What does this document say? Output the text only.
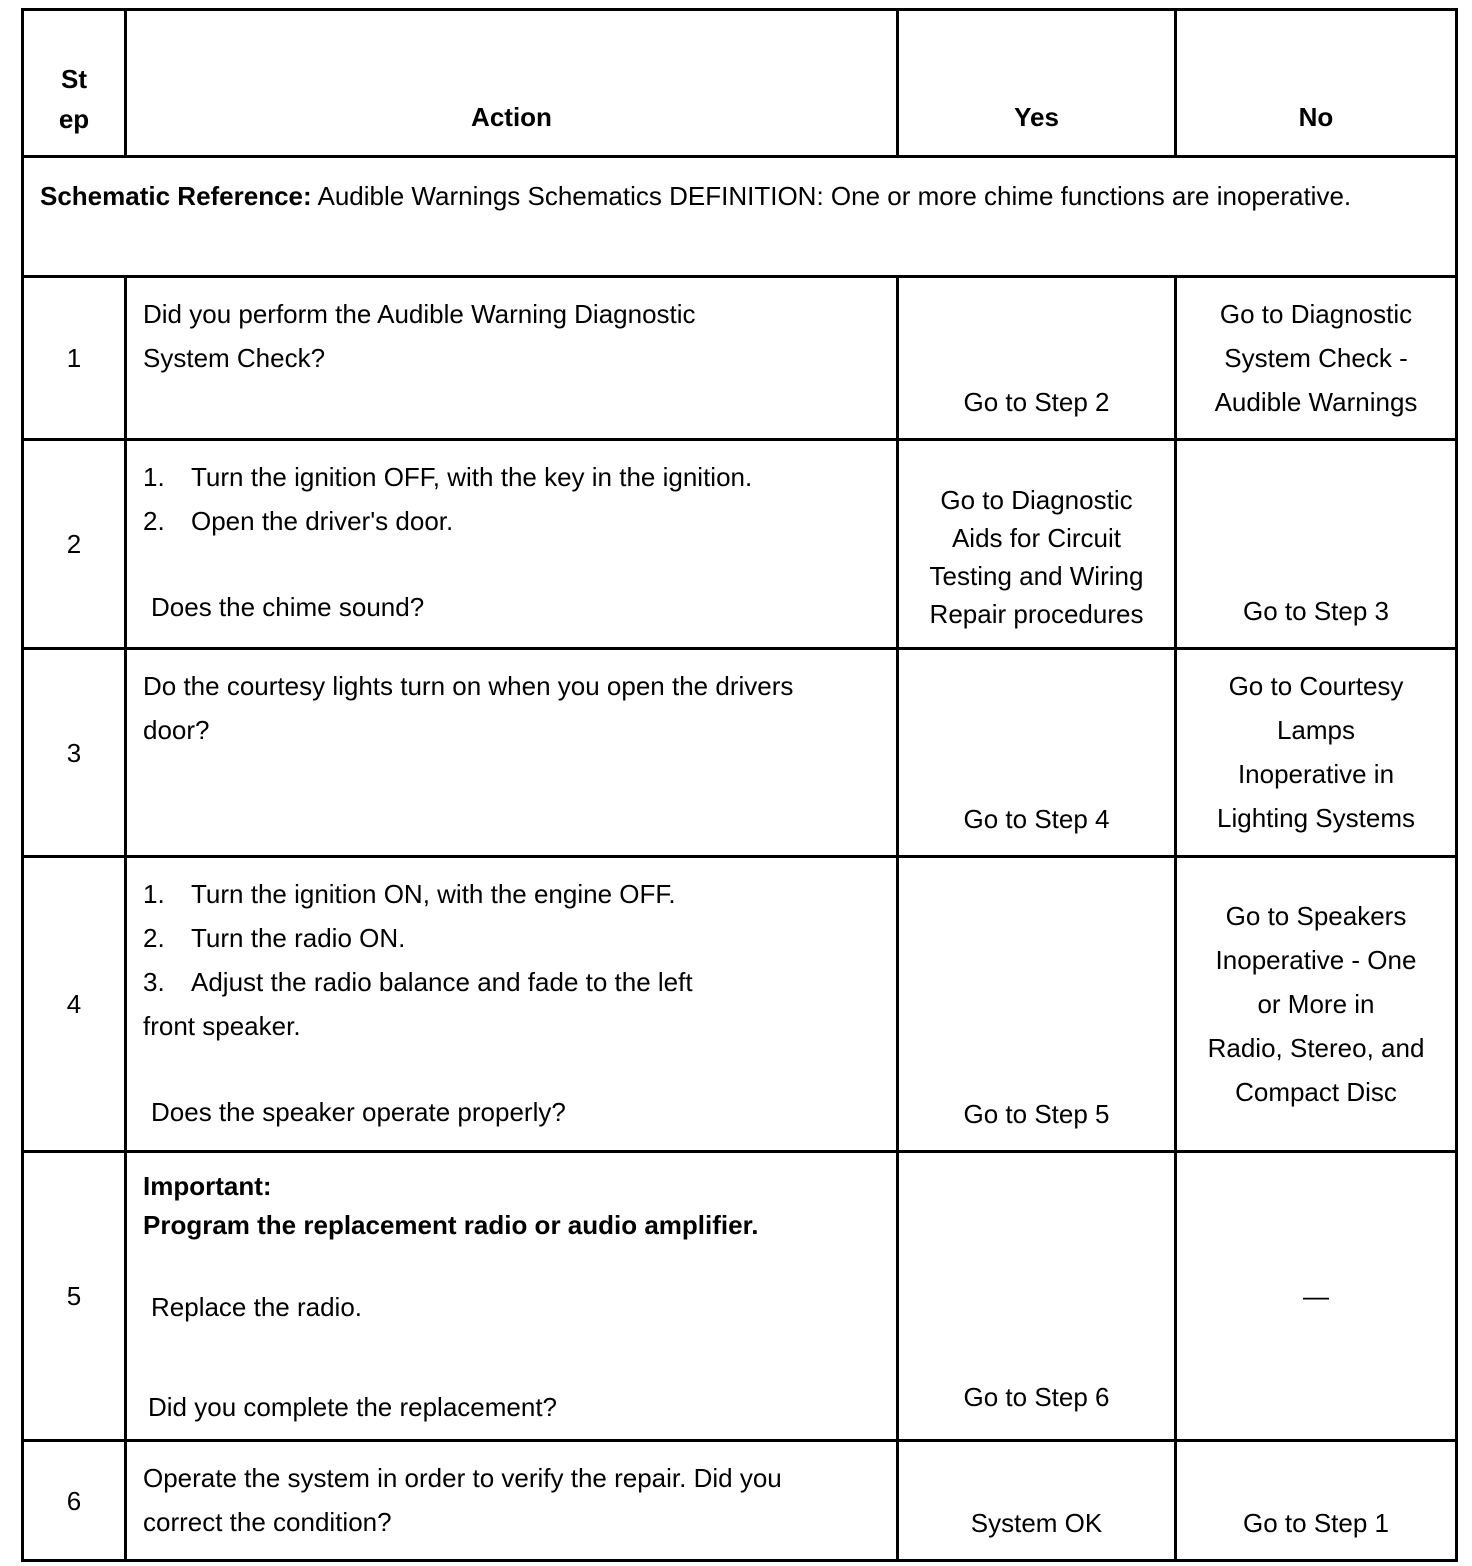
St
ep	Action	Yes	No
Schematic Reference: Audible Warnings Schematics DEFINITION: One or more chime functions are inoperative.			
1	Did you perform the Audible Warning Diagnostic
System Check?	Go to Step 2	Go to Diagnostic
System Check -
Audible Warnings

2	1. Turn the ignition OFF, with the key in the ignition.
2. Open the driver's door.
Does the chime sound?	Go to Diagnostic
Aids for Circuit
Testing and Wiring
Repair procedures	Go to Step 3
3	Do the courtesy lights turn on when you open the drivers
door?	Go to Step 4	Go to Courtesy
Lamps
Inoperative in
Lighting Systems

4	1. Turn the ignition ON, with the engine OFF.
2. Turn the radio ON.
3. Adjust the radio balance and fade to the left
front speaker.
Does the speaker operate properly?	Go to Step 5	Go to Speakers
Inoperative - One
or More in
Radio, Stereo, and
Compact Disc

5	Important:
Program the replacement radio or audio amplifier.
Replace the radio.
Did you complete the replacement?	Go to Step 6	—
6	Operate the system in order to verify the repair. Did you
correct the condition?	System OK	Go to Step 1
